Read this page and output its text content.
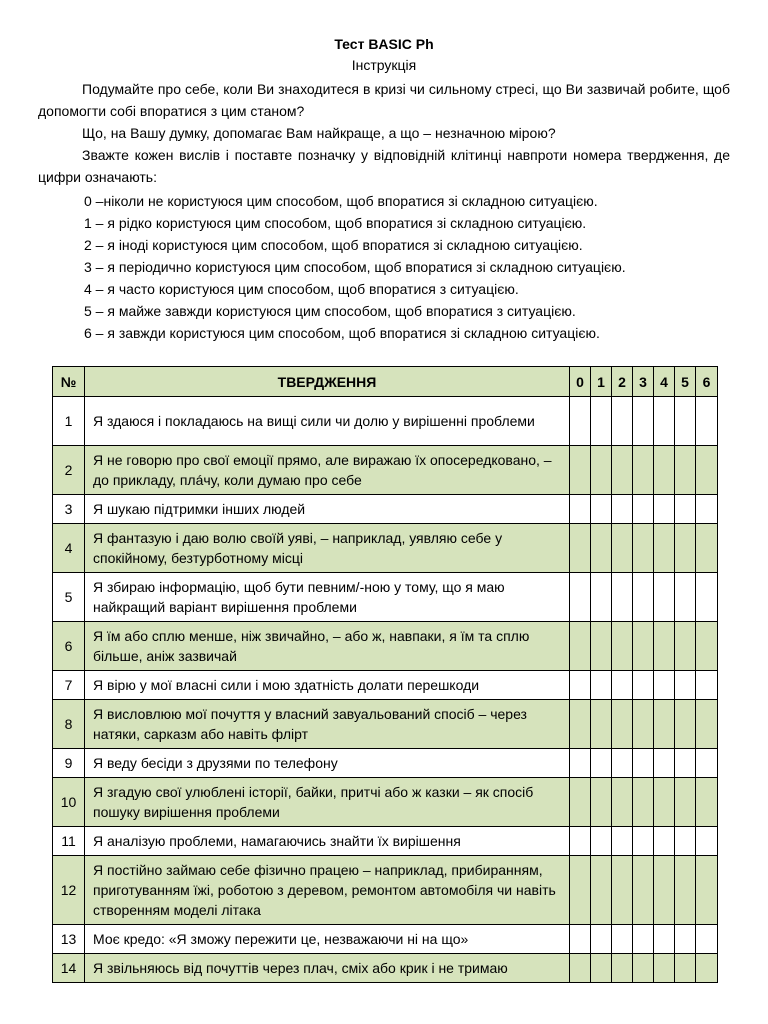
Тест BASIC Ph
Інструкція
Подумайте про себе, коли Ви знаходитеся в кризі чи сильному стресі, що Ви зазвичай робите, щоб допомогти собі впоратися з цим станом?
Що, на Вашу думку, допомагає Вам найкраще, а що – незначною мірою?
Зважте кожен вислів і поставте позначку у відповідній клітинці навпроти номера твердження, де цифри означають:
0 –ніколи не користуюся цим способом, щоб впоратися зі складною ситуацією.
1 – я рідко користуюся цим способом, щоб впоратися зі складною ситуацією.
2 – я іноді користуюся цим способом, щоб впоратися зі складною ситуацією.
3 – я періодично користуюся цим способом, щоб впоратися зі складною ситуацією.
4 – я часто користуюся цим способом, щоб впоратися з ситуацією.
5 – я майже завжди користуюся цим способом, щоб впоратися з ситуацією.
6 – я завжди користуюся цим способом, щоб впоратися зі складною ситуацією.
№	ТВЕРДЖЕННЯ	0	1	2	3	4	5	6
1	Я здаюся і покладаюсь на вищі сили чи долю у вирішенні проблеми							
2	Я не говорю про свої емоції прямо, але виражаю їх опосередковано, – до прикладу, плáчу, коли думаю про себе							
3	Я шукаю підтримки інших людей							
4	Я фантазую і даю волю своїй уяві, – наприклад, уявляю себе у спокійному, безтурботному місці							
5	Я збираю інформацію, щоб бути певним/-ною у тому, що я маю найкращий варіант вирішення проблеми							
6	Я їм або сплю менше, ніж звичайно, – або ж, навпаки, я їм та сплю більше, аніж зазвичай							
7	Я вірю у мої власні сили і мою здатність долати перешкоди							
8	Я висловлюю мої почуття у власний завуальований спосіб – через натяки, сарказм або навіть флірт							
9	Я веду бесіди з друзями по телефону							
10	Я згадую свої улюблені історії, байки, притчі або ж казки – як спосіб пошуку вирішення проблеми							
11	Я аналізую проблеми, намагаючись знайти їх вирішення							
12	Я постійно займаю себе фізично працею – наприклад, прибиранням, приготуванням їжі, роботою з деревом, ремонтом автомобіля чи навіть створенням моделі літака							
13	Моє кредо: «Я зможу пережити це, незважаючи ні на що»							
14	Я звільняюсь від почуттів через плач, сміх або крик і не тримаю							
